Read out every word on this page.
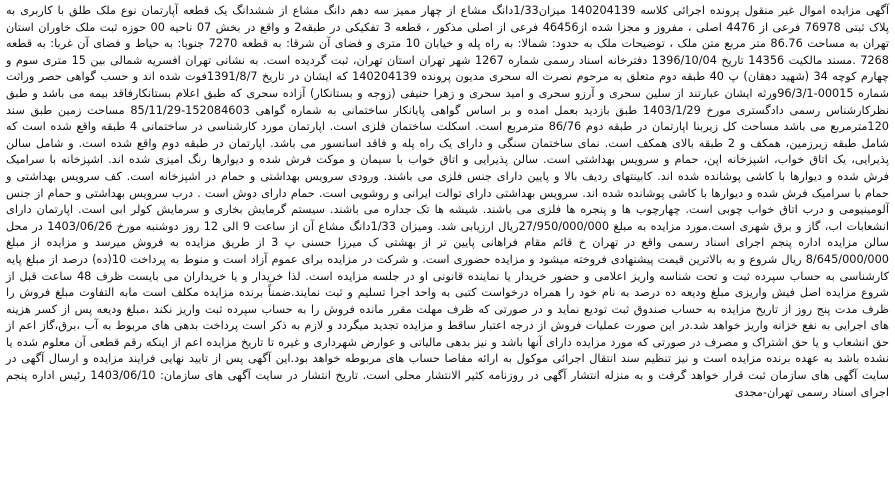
آگهی مزایده اموال غیر منقول پرونده اجرائی کلاسه 140204139 میزان1/33دانگ مشاع از چهار ممیز سه دهم دانگ مشاع از ششدانگ یک قطعه آپارتمان نوع ملک طلق با کاربری به پلاک ثبتی 76978 فرعی از 4476 اصلی ، مفروز و مجزا شده از46456 فرعی از اصلی مذکور ، قطعه 3 تفکیکی در طبقه2 و واقع در بخش 07 ناحیه 00 حوزه ثبت ملک خاوران استان تهران به مساحت 86.76 متر مربع متن ملک ، توضیحات ملک به حدود: شمالا: به راه پله و خیابان 10 متری و فضای آن شرقا: به قطعه 7270 جنوبا: به حیاط و فضای آن غربا: به قطعه 7268 .مسند مالکیت 14356 تاریخ 1396/10/04 دفترخانه اسناد رسمی شماره 1267 شهر تهران استان تهران، ثبت گردیده است. به نشانی تهران افسریه شمالی بین 15 متری سوم و چهارم کوچه 34 (شهید دهقان) پ 40 طبقه دوم متعلق به مرحوم نصرت اله سحری مدیون پرونده 140204139 که ایشان در تاریخ 1391/8/7فوت شده اند و حسب گواهی حصر وراثت شماره 00015-96/3/1ورثه ایشان عبارتند از سلین سحری و آرزو سحری و امید سحری و زهرا حنیفی (زوجه و بستانکار) آزاده سحری که طبق اعلام بستانکارفاقد بیمه می باشد و طبق نظرکارشناس رسمی دادگستری مورخ 1403/1/29 طبق بازدید بعمل امده و بر اساس گواهی پایانکار ساختمانی به شماره گواهی 152084603-85/11/29 مساحت زمین طبق سند 120مترمربع می باشد مساحت کل زیربنا اپارتمان در طبقه دوم 86/76 مترمربع است. اسکلت ساختمان فلزی است. اپارتمان مورد کارشناسی در ساختمانی 4 طبقه واقع شده است که شامل طبقه زیرزمین، همکف و 2 طبقه بالای همکف است. نمای ساختمان سنگی و دارای یک راه پله و فاقد اسانسور می باشد. اپارتمان در طبقه دوم واقع شده است. و شامل سالن پذیرایی، یک اتاق خواب، اشپزخانه اپن، حمام و سرویس بهداشتی است. سالن پذیرایی و اتاق خواب با سیمان و موکت فرش شده و دیوارها رنگ امیزی شده اند. اشپزخانه با سرامیک فرش شده و دیوارها با کاشی پوشانده شده اند. کابینتهای ردیف بالا و پایین دارای جنس فلزی می باشند. ورودی سرویس بهداشتی و حمام در اشپزخانه است. کف سرویس بهداشتی و حمام با سرامیک فرش شده و دیوارها با کاشی پوشانده شده اند. سرویس بهداشتی دارای توالت ایرانی و روشویی است. حمام دارای دوش است . درب سرویس بهداشتی و حمام از جنس آلومینیومی و درب اتاق خواب چوبی است. چهارچوب ها و پنجره ها فلزی می باشند. شیشه ها تک جداره می باشند. سیستم گرمایش بخاری و سرمایش کولر ابی است. اپارتمان دارای انشعابات اب، گاز و برق شهری است.مورد مزایده به مبلغ 27/950/000/000ریال ارزیابی شد. ومیزان 1/33دانگ مشاع آن از ساعت 9 الی 12 روز دوشنبه مورخ 1403/06/26 در محل سالن مزایده اداره پنجم اجرای اسناد رسمی واقع در تهران خ قائم مقام فراهانی پایین تر از بهشتی ک میرزا حسنی پ 3 از طریق مزایده به فروش میرسد و مزایده از مبلغ 8/645/000/000 ریال شروع و به بالاترین قیمت پیشنهادی فروخته میشود و مزایده حضوری است. و شرکت در مزایده برای عموم آزاد است و منوط به پرداخت 10(ده) درصد از مبلغ پایه کارشناسی به حساب سپرده ثبت و تحت شناسه واریز اعلامی و حضور خریدار یا نماینده قانونی او در جلسه مزایده است. لذا خریدار و یا خریداران می بایست ظرف 48 ساعت قبل از شروع مزایده اصل فیش واریزی مبلغ ودیعه ده درصد به نام خود را همراه درخواست کتبی به واحد اجرا تسلیم و ثبت نمایند.ضمناً برنده مزایده مکلف است مابه التفاوت مبلغ فروش را ظرف مدت پنج روز از تاریخ مزایده به حساب صندوق ثبت تودیع نماید و در صورتی که ظرف مهلت مقرر مانده فروش را به حساب سپرده ثبت واریز نکند ،مبلغ ودیعه پس از کسر هزینه های اجرایی به نفع خزانه واریز خواهد شد.در این صورت عملیات فروش از درجه اعتبار ساقط و مزایده تجدید میگردد و لازم به ذکر است پرداخت بدهی های مربوط به آب ،برق،گاز اعم از حق انشعاب و یا حق اشتراک و مصرف در صورتی که مورد مزایده دارای آنها باشد و نیز بدهی مالیاتی و عوارض شهرداری و غیره تا تاریخ مزایده اعم از اینکه رقم قطعی آن معلوم شده یا نشده باشد به عهده برنده مزایده است و نیز تنظیم سند انتقال اجرائی موکول به ارائه مفاصا حساب های مربوطه خواهد بود.این آگهی پس از تایید نهایی فرایند مزایده و ارسال آگهی در سایت آگهی های سازمان ثبت قرار خواهد گرفت و به منزله انتشار آگهی در روزنامه کثیر الانتشار محلی است. تاریخ انتشار در سایت آگهی های سازمان: 1403/06/10 رئیس اداره پنجم اجرای اسناد رسمی تهران-مجدی
